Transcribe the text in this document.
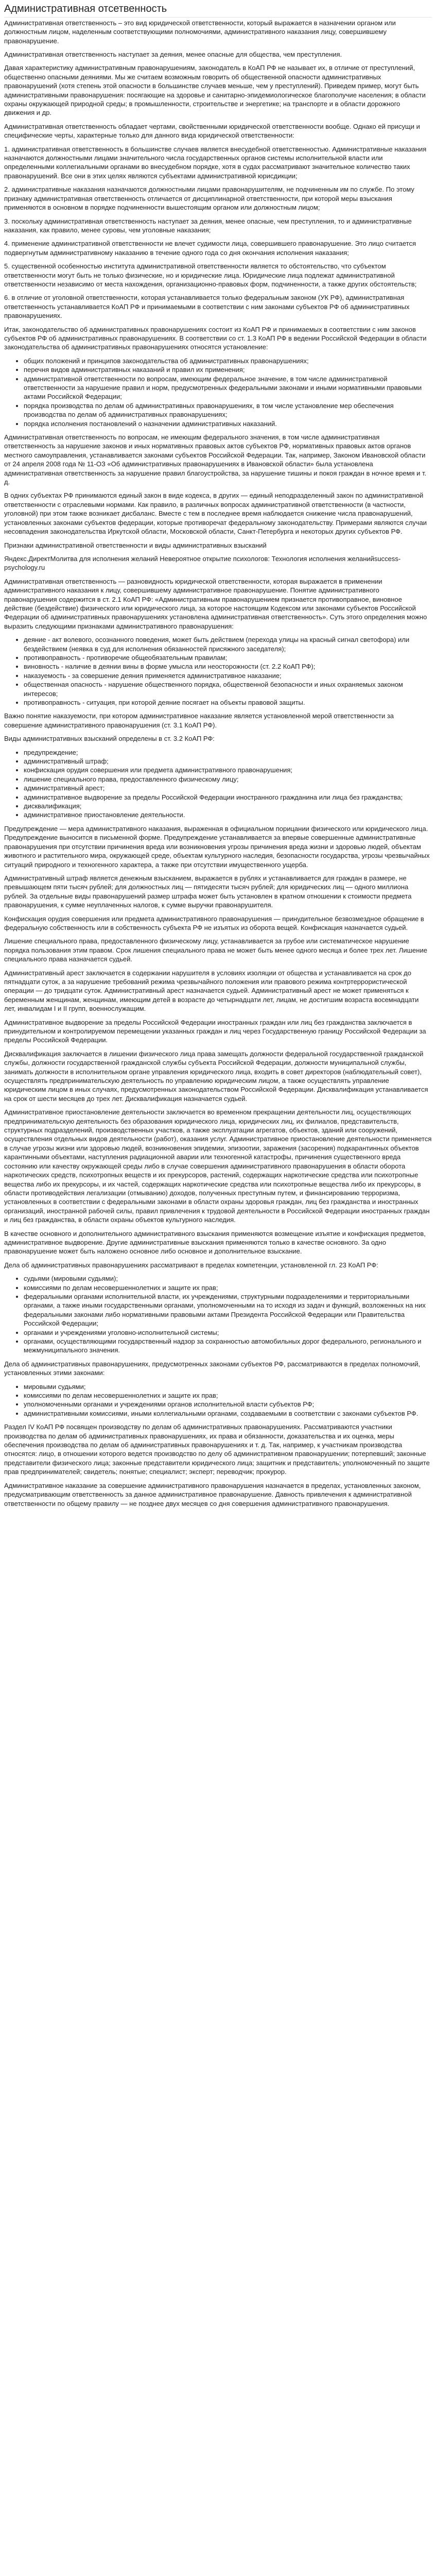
Административная отсетвенность

Административная ответственность – это вид юридической ответственности, который выражается в назначении органом или должностным лицом, наделенным соответствующими полномочиями, административного наказания лицу, совершившему правонарушение.

Административная ответственность наступает за деяния, менее опасные для общества, чем преступления.

Давая характеристику административным правонарушениям, законодатель в КоАП РФ не называет их, в отличие от преступлений, общественно опасными деяниями. Мы же считаем возможным говорить об общественной опасности административных правонарушений (хотя степень этой опасности в большинстве случаев меньше, чем у преступлений). Приведем пример, могут быть административными правонарушения: посягающие на здоровье и санитарно-эпидемиологическое благополучие населения; в области охраны окружающей природной среды; в промышленности, строительстве и энергетике; на транспорте и в области дорожного движения и др.

Административная ответственность обладает чертами, свойственными юридической ответственности вообще. Однако ей присущи и специфические черты, характерные только для данного вида юридической ответственности:

1. административная ответственность в большинстве случаев является внесудебной ответственностью. Административные наказания назначаются должностными лицами значительного числа государственных органов системы исполнительной власти или определенными коллегиальными органами во внесудебном порядке, хотя в судах рассматривают значительное количество таких правонарушений. Все они в этих целях являются субъектами административной юрисдикции;

2. административные наказания назначаются должностными лицами правонарушителям, не подчиненным им по службе. По этому признаку административная ответственность отличается от дисциплинарной ответственности, при которой меры взыскания применяются в основном в порядке подчиненности вышестоящим органом или должностным лицом;

3. поскольку административная ответственность наступает за деяния, менее опасные, чем преступления, то и административные наказания, как правило, менее суровы, чем уголовные наказания;

4. применение административной ответственности не влечет судимости лица, совершившего правонарушение. Это лицо считается подвергнутым административному наказанию в течение одного года со дня окончания исполнения наказания;

5. существенной особенностью института административной ответственности является то обстоятельство, что субъектом ответственности могут быть не только физические, но и юридические лица. Юридические лица подлежат административной ответственности независимо от места нахождения, организационно-правовых форм, подчиненности, а также других обстоятельств;

6. в отличие от уголовной ответственности, которая устанавливается только федеральным законом (УК РФ), административная ответственность устанавливается КоАП РФ и принимаемыми в соответствии с ним законами субъектов РФ об административных правонарушениях.

Итак, законодательство об административных правонарушениях состоит из КоАП РФ и принимаемых в соответствии с ним законов субъектов РФ об административных правонарушениях. В соответствии со ст. 1.3 КоАП РФ в ведении Российской Федерации в области законодательства об административных правонарушениях относятся установление:

• общих положений и принципов законодательства об административных правонарушениях;
• перечня видов административных наказаний и правил их применения;
• административной ответственности по вопросам, имеющим федеральное значение, в том числе административной ответственности за нарушение правил и норм, предусмотренных федеральными законами и иными нормативными правовыми актами Российской Федерации;
• порядка производства по делам об административных правонарушениях, в том числе установление мер обеспечения производства по делам об административных правонарушениях;
• порядка исполнения постановлений о назначении административных наказаний.

Административная ответственность по вопросам, не имеющим федерального значения, в том числе административная ответственность за нарушение законов и иных нормативных правовых актов субъектов РФ, нормативных правовых актов органов местного самоуправления, устанавливается законами субъектов Российской Федерации. Так, например, Законом Ивановской области от 24 апреля 2008 года № 11-ОЗ «Об административных правонарушениях в Ивановской области» была установлена административная ответственность за нарушение правил благоустройства, за нарушение тишины и покоя граждан в ночное время и т. д.

В одних субъектах РФ принимаются единый закон в виде кодекса, в других — единый неподразделенный закон по административной ответственности с отраслевыми нормами. Как правило, в различных вопросах административной ответственности (в частности, уголовной) при этом также возникает дисбаланс. Вместе с тем в последнее время наблюдается снижение числа правонарушений, установленных законами субъектов федерации, которые противоречат федеральному законодательству. Примерами являются случаи несовпадения законодательства Иркутской области, Московской области, Санкт-Петербурга и некоторых других субъектов РФ.

Признаки административной ответственности и виды административных взысканий

Яндекс.ДиректМолитва для исполнения желаний Невероятное открытие психологов: Технология исполнения желанийsuccess-psychology.ru

Административная ответственность — разновидность юридической ответственности, которая выражается в применении административного наказания к лицу, совершившему административное правонарушение. Понятие административного правонарушения содержится в ст. 2.1 КоАП РФ: «Административным правонарушением признается противоправное, виновное действие (бездействие) физического или юридического лица, за которое настоящим Кодексом или законами субъектов Российской Федерации об административных правонарушениях установлена административная ответственность». Суть этого определения можно выразить следующими признаками административного правонарушения:

• деяние - акт волевого, осознанного поведения, может быть действием (перехода улицы на красный сигнал светофора) или бездействием (неявка в суд для исполнения обязанностей присяжного заседателя);
• противоправность - противоречие общеобязательным правилам;
• виновность - наличие в деянии вины в форме умысла или неосторожности (ст. 2.2 КоАП РФ);
• наказуемость - за совершение деяния применяется административное наказание;
• общественная опасность - нарушение общественного порядка, общественной безопасности и иных охраняемых законом интересов;
• противоправность - ситуация, при которой деяние посягает на объекты правовой защиты.

Важно понятие наказуемости, при котором административное наказание является установленной мерой ответственности за совершение административного правонарушения (ст. 3.1 КоАП РФ).

Виды административных взысканий определены в ст. 3.2 КоАП РФ:

• предупреждение;
• административный штраф;
• конфискация орудия совершения или предмета административного правонарушения;
• лишение специального права, предоставленного физическому лицу;
• административный арест;
• административное выдворение за пределы Российской Федерации иностранного гражданина или лица без гражданства;
• дисквалификация;
• административное приостановление деятельности.

Предупреждение — мера административного наказания, выраженная в официальном порицании физического или юридического лица. Предупреждение выносится в письменной форме. Предупреждение устанавливается за впервые совершенные административные правонарушения при отсутствии причинения вреда или возникновения угрозы причинения вреда жизни и здоровью людей, объектам животного и растительного мира, окружающей среде, объектам культурного наследия, безопасности государства, угрозы чрезвычайных ситуаций природного и техногенного характера, а также при отсутствии имущественного ущерба.

Административный штраф является денежным взысканием, выражается в рублях и устанавливается для граждан в размере, не превышающем пяти тысяч рублей; для должностных лиц — пятидесяти тысяч рублей; для юридических лиц — одного миллиона рублей. За отдельные виды правонарушений размер штрафа может быть установлен в кратном отношении к стоимости предмета правонарушения, к сумме неуплаченных налогов, к сумме выручки правонарушителя.

Конфискация орудия совершения или предмета административного правонарушения — принудительное безвозмездное обращение в федеральную собственность или в собственность субъекта РФ не изъятых из оборота вещей. Конфискация назначается судьей.

Лишение специального права, предоставленного физическому лицу, устанавливается за грубое или систематическое нарушение порядка пользования этим правом. Срок лишения специального права не может быть менее одного месяца и более трех лет. Лишение специального права назначается судьей.

Административный арест заключается в содержании нарушителя в условиях изоляции от общества и устанавливается на срок до пятнадцати суток, а за нарушение требований режима чрезвычайного положения или правового режима контртеррористической операции — до тридцати суток. Административный арест назначается судьей. Административный арест не может применяться к беременным женщинам, женщинам, имеющим детей в возрасте до четырнадцати лет, лицам, не достигшим возраста восемнадцати лет, инвалидам I и II групп, военнослужащим.

Административное выдворение за пределы Российской Федерации иностранных граждан или лиц без гражданства заключается в принудительном и контролируемом перемещении указанных граждан и лиц через Государственную границу Российской Федерации за пределы Российской Федерации.

Дисквалификация заключается в лишении физического лица права замещать должности федеральной государственной гражданской службы, должности государственной гражданской службы субъекта Российской Федерации, должности муниципальной службы, занимать должности в исполнительном органе управления юридического лица, входить в совет директоров (наблюдательный совет), осуществлять предпринимательскую деятельность по управлению юридическим лицом, а также осуществлять управление юридическим лицом в иных случаях, предусмотренных законодательством Российской Федерации. Дисквалификация устанавливается на срок от шести месяцев до трех лет. Дисквалификация назначается судьей.

Административное приостановление деятельности заключается во временном прекращении деятельности лиц, осуществляющих предпринимательскую деятельность без образования юридического лица, юридических лиц, их филиалов, представительств, структурных подразделений, производственных участков, а также эксплуатации агрегатов, объектов, зданий или сооружений, осуществления отдельных видов деятельности (работ), оказания услуг. Административное приостановление деятельности применяется в случае угрозы жизни или здоровью людей, возникновения эпидемии, эпизоотии, заражения (засорения) подкарантинных объектов карантинными объектами, наступления радиационной аварии или техногенной катастрофы, причинения существенного вреда состоянию или качеству окружающей среды либо в случае совершения административного правонарушения в области оборота наркотических средств, психотропных веществ и их прекурсоров, растений, содержащих наркотические средства или психотропные вещества либо их прекурсоры, и их частей, содержащих наркотические средства или психотропные вещества либо их прекурсоры, в области противодействия легализации (отмыванию) доходов, полученных преступным путем, и финансированию терроризма, установленных в соответствии с федеральными законами в области охраны здоровья граждан, лиц без гражданства и иностранных организаций, иностранной рабочей силы, правил привлечения к трудовой деятельности в Российской Федерации иностранных граждан и лиц без гражданства, в области охраны объектов культурного наследия.

В качестве основного и дополнительного административного взыскания применяются возмещение изъятие и конфискация предметов, административное выдворение. Другие административные взыскания применяются только в качестве основного. За одно правонарушение может быть наложено основное либо основное и дополнительное взыскание.

Дела об административных правонарушениях рассматривают в пределах компетенции, установленной гл. 23 КоАП РФ:

• судьями (мировыми судьями);
• комиссиями по делам несовершеннолетних и защите их прав;
• федеральными органами исполнительной власти, их учреждениями, структурными подразделениями и территориальными органами, а также иными государственными органами, уполномоченными на то исходя из задач и функций, возложенных на них федеральными законами либо нормативными правовыми актами Президента Российской Федерации или Правительства Российской Федерации;
• органами и учреждениями уголовно-исполнительной системы;
• органами, осуществляющими государственный надзор за сохранностью автомобильных дорог федерального, регионального и межмуниципального значения.

Дела об административных правонарушениях, предусмотренных законами субъектов РФ, рассматриваются в пределах полномочий, установленных этими законами:

• мировыми судьями;
• комиссиями по делам несовершеннолетних и защите их прав;
• уполномоченными органами и учреждениями органов исполнительной власти субъектов РФ;
• административными комиссиями, иными коллегиальными органами, создаваемыми в соответствии с законами субъектов РФ.

Раздел IV КоАП РФ посвящен производству по делам об административных правонарушениях. Рассматриваются участники производства по делам об административных правонарушениях, их права и обязанности, доказательства и их оценка, меры обеспечения производства по делам об административных правонарушениях и т. д. Так, например, к участникам производства относятся: лицо, в отношении которого ведется производство по делу об административном правонарушении; потерпевший; законные представители физического лица; законные представители юридического лица; защитник и представитель; уполномоченный по защите прав предпринимателей; свидетель; понятые; специалист; эксперт; переводчик; прокурор.

Административное наказание за совершение административного правонарушения назначается в пределах, установленных законом, предусматривающим ответственность за данное административное правонарушение. Давность привлечения к административной ответственности по общему правилу — не позднее двух месяцев со дня совершения административного правонарушения.
